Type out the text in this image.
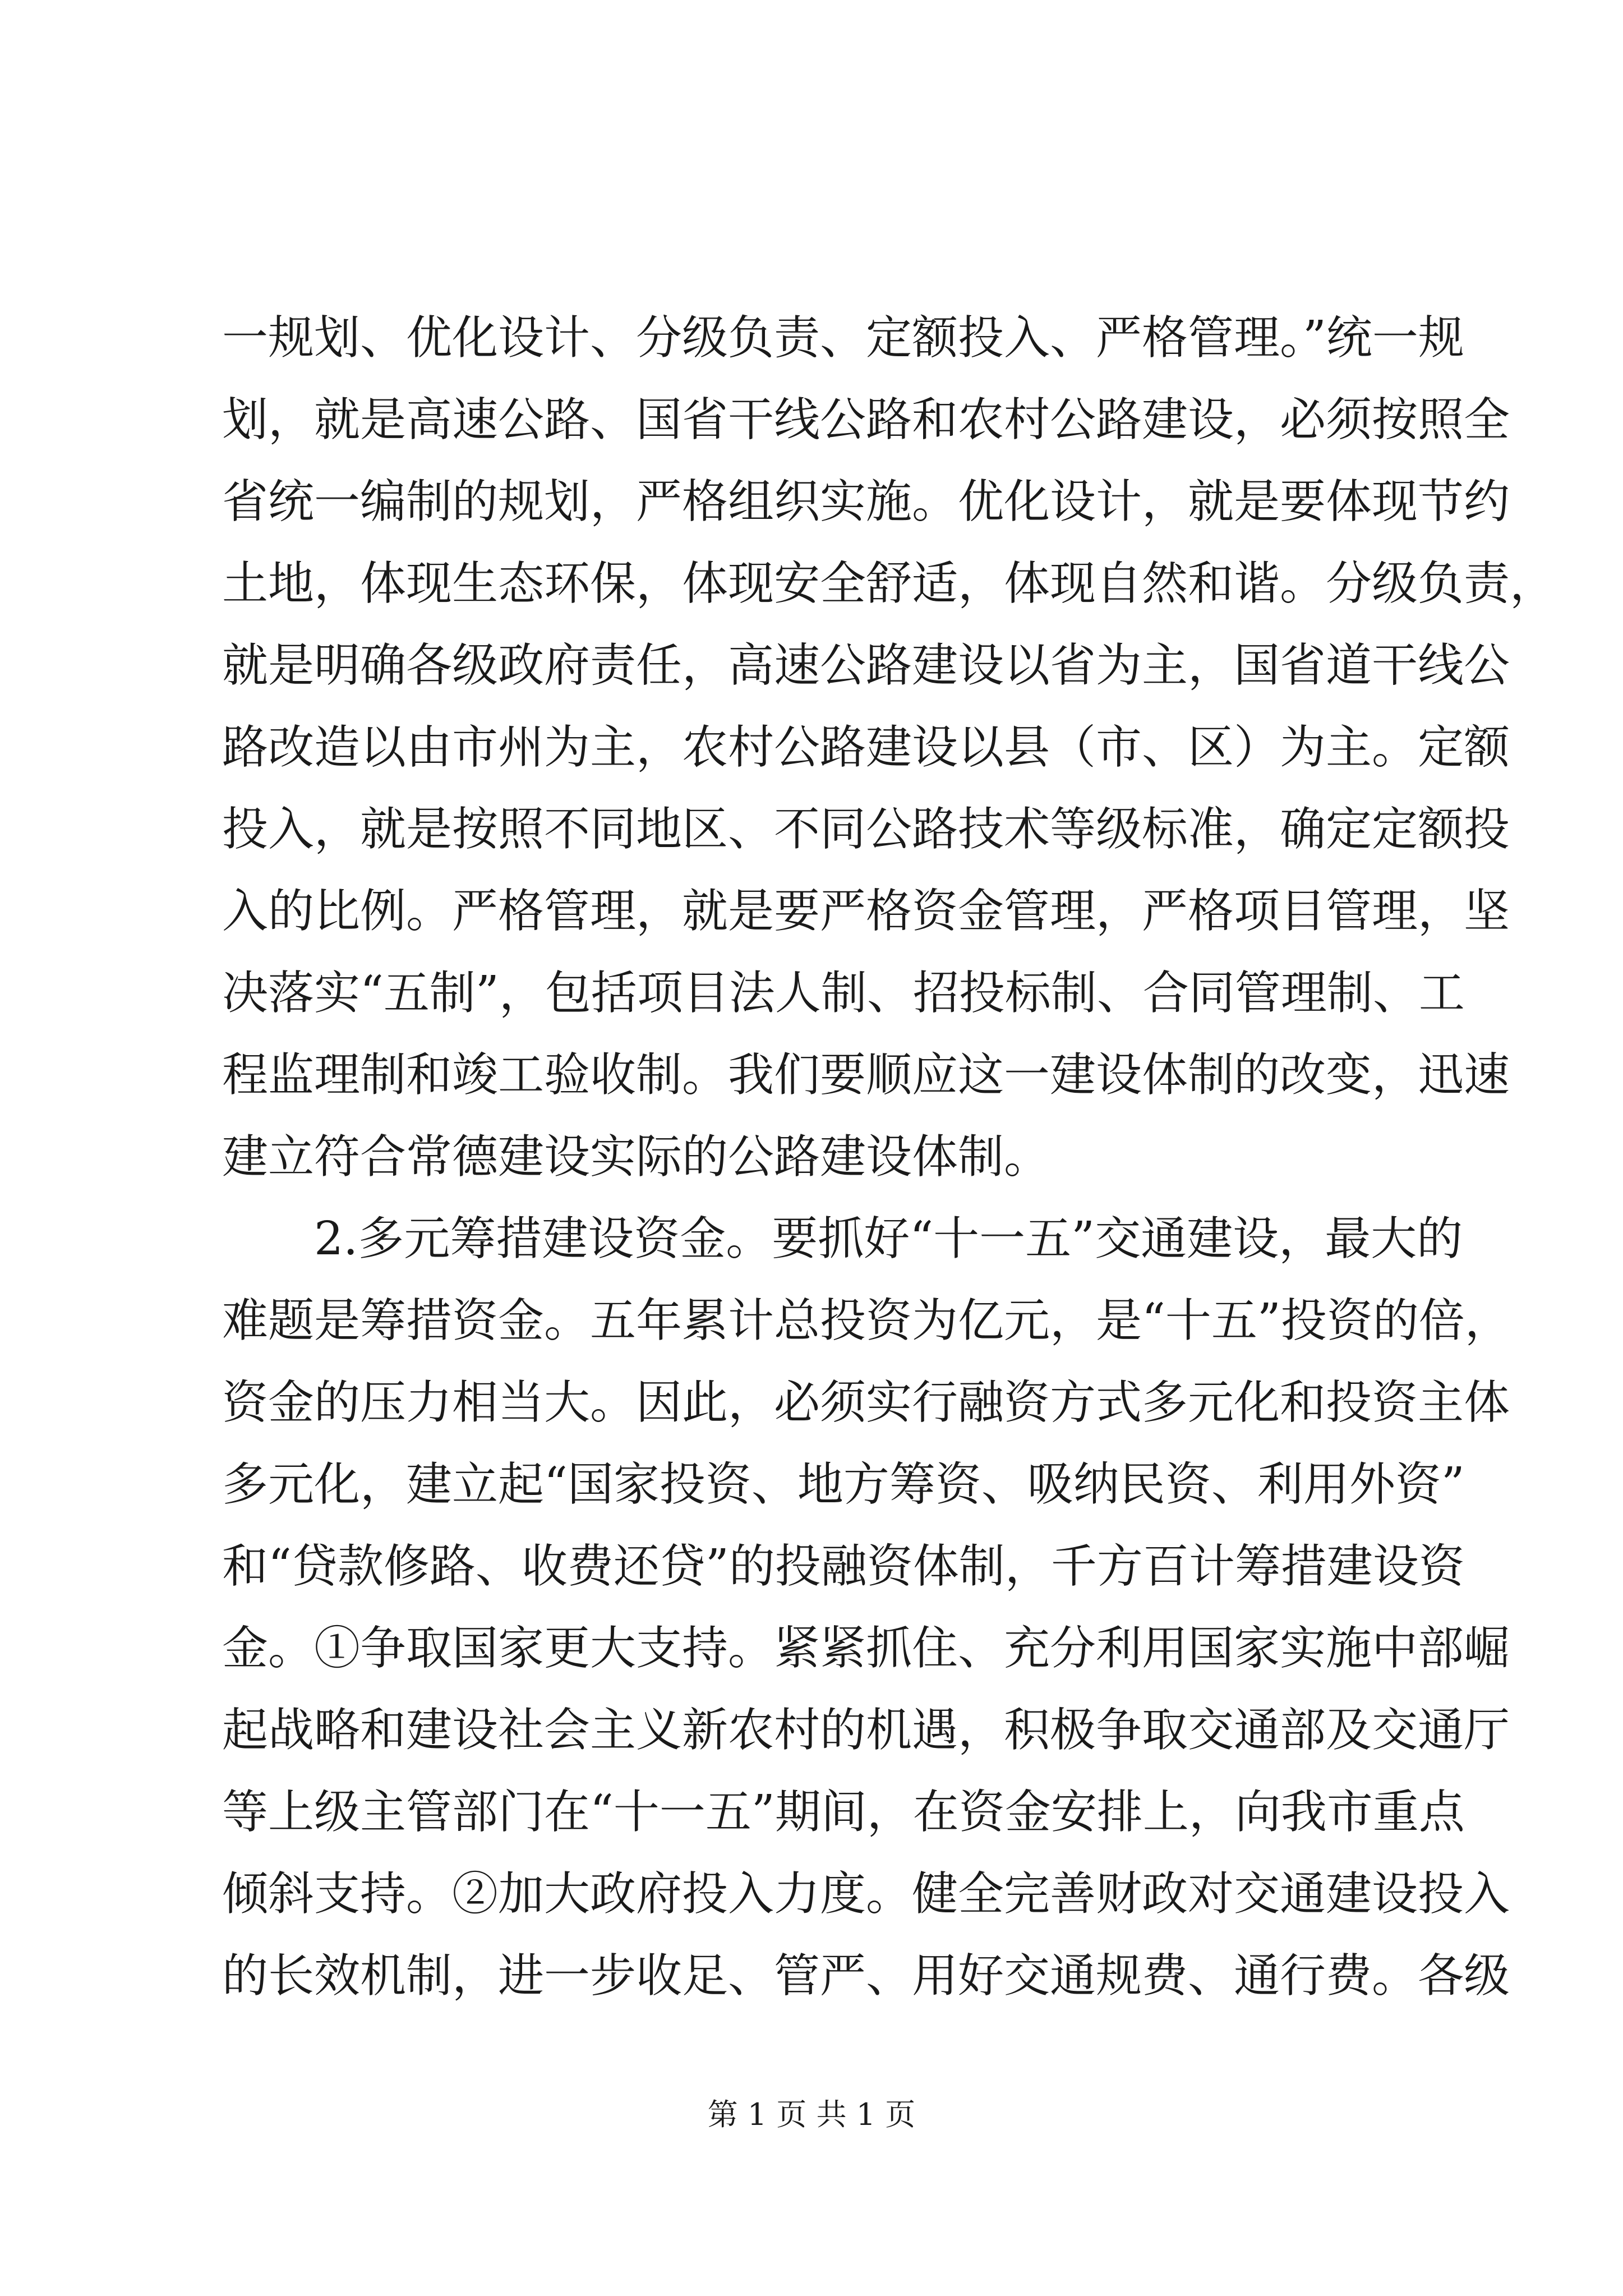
一规划、优化设计、分级负责、定额投入、严格管理。”统一规
划，就是高速公路、国省干线公路和农村公路建设，必须按照全
省统一编制的规划，严格组织实施。优化设计，就是要体现节约
土地，体现生态环保，体现安全舒适，体现自然和谐。分级负责，
就是明确各级政府责任，高速公路建设以省为主，国省道干线公
路改造以由市州为主，农村公路建设以县（市、区）为主。定额
投入，就是按照不同地区、不同公路技术等级标准，确定定额投
入的比例。严格管理，就是要严格资金管理，严格项目管理，坚
决落实“五制”，包括项目法人制、招投标制、合同管理制、工
程监理制和竣工验收制。我们要顺应这一建设体制的改变，迅速
建立符合常德建设实际的公路建设体制。
2.多元筹措建设资金。要抓好“十一五”交通建设，最大的
难题是筹措资金。五年累计总投资为亿元，是“十五”投资的倍，
资金的压力相当大。因此，必须实行融资方式多元化和投资主体
多元化，建立起“国家投资、地方筹资、吸纳民资、利用外资”
和“贷款修路、收费还贷”的投融资体制，千方百计筹措建设资
金。①争取国家更大支持。紧紧抓住、充分利用国家实施中部崛
起战略和建设社会主义新农村的机遇，积极争取交通部及交通厅
等上级主管部门在“十一五”期间，在资金安排上，向我市重点
倾斜支持。②加大政府投入力度。健全完善财政对交通建设投入
的长效机制，进一步收足、管严、用好交通规费、通行费。各级
第 1 页 共 1 页
